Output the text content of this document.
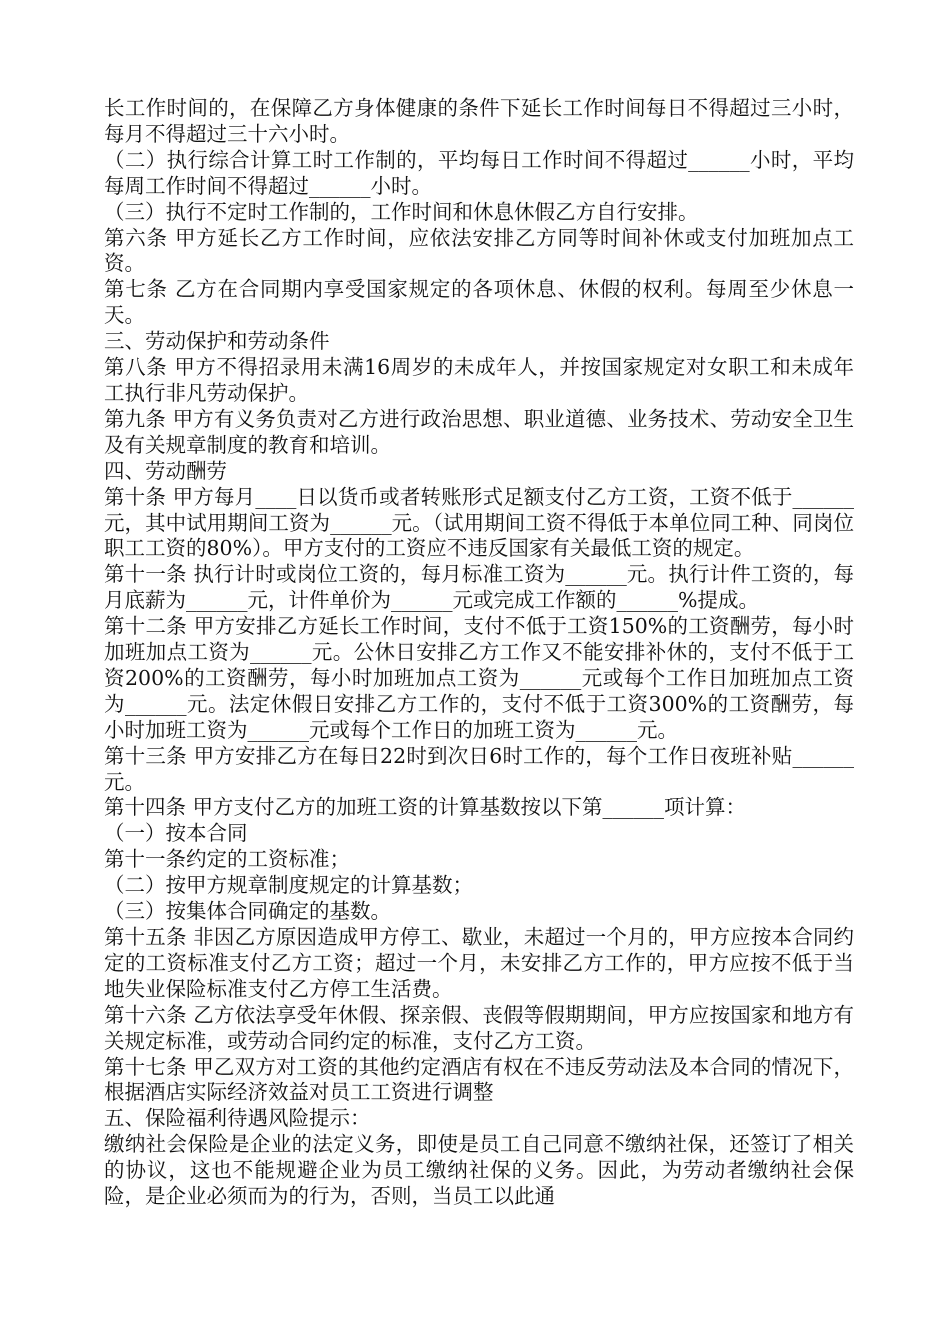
长工作时间的，在保障乙方身体健康的条件下延长工作时间每日不得超过三小时，每月不得超过三十六小时。

（二）执行综合计算工时工作制的，平均每日工作时间不得超过______小时，平均每周工作时间不得超过______小时。

（三）执行不定时工作制的，工作时间和休息休假乙方自行安排。

第六条 甲方延长乙方工作时间，应依法安排乙方同等时间补休或支付加班加点工资。

第七条 乙方在合同期内享受国家规定的各项休息、休假的权利。每周至少休息一天。

三、劳动保护和劳动条件

第八条 甲方不得招录用未满16周岁的未成年人，并按国家规定对女职工和未成年工执行非凡劳动保护。

第九条 甲方有义务负责对乙方进行政治思想、职业道德、业务技术、劳动安全卫生及有关规章制度的教育和培训。

四、劳动酬劳

第十条 甲方每月____日以货币或者转账形式足额支付乙方工资，工资不低于______元，其中试用期间工资为______元。（试用期间工资不得低于本单位同工种、同岗位职工工资的80%）。甲方支付的工资应不违反国家有关最低工资的规定。

第十一条 执行计时或岗位工资的，每月标准工资为______元。执行计件工资的，每月底薪为______元，计件单价为______元或完成工作额的______%提成。

第十二条 甲方安排乙方延长工作时间，支付不低于工资150%的工资酬劳，每小时加班加点工资为______元。公休日安排乙方工作又不能安排补休的，支付不低于工资200%的工资酬劳，每小时加班加点工资为______元或每个工作日加班加点工资为______元。法定休假日安排乙方工作的，支付不低于工资300%的工资酬劳，每小时加班工资为______元或每个工作日的加班工资为______元。

第十三条 甲方安排乙方在每日22时到次日6时工作的，每个工作日夜班补贴______元。

第十四条 甲方支付乙方的加班工资的计算基数按以下第______项计算：

（一）按本合同

第十一条约定的工资标准；

（二）按甲方规章制度规定的计算基数；

（三）按集体合同确定的基数。

第十五条 非因乙方原因造成甲方停工、歇业，未超过一个月的，甲方应按本合同约定的工资标准支付乙方工资；超过一个月，未安排乙方工作的，甲方应按不低于当地失业保险标准支付乙方停工生活费。

第十六条 乙方依法享受年休假、探亲假、丧假等假期期间，甲方应按国家和地方有关规定标准，或劳动合同约定的标准，支付乙方工资。

第十七条 甲乙双方对工资的其他约定酒店有权在不违反劳动法及本合同的情况下，根据酒店实际经济效益对员工工资进行调整

五、保险福利待遇风险提示：

缴纳社会保险是企业的法定义务，即使是员工自己同意不缴纳社保，还签订了相关的协议，这也不能规避企业为员工缴纳社保的义务。因此，为劳动者缴纳社会保险，是企业必须而为的行为，否则，当员工以此通
